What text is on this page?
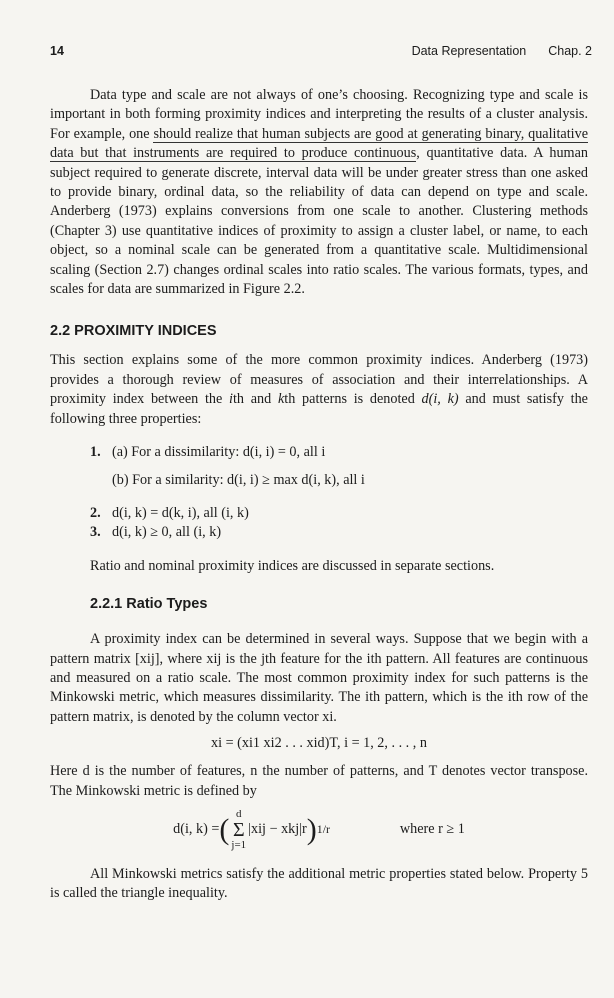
14	Data Representation Chap. 2

Data type and scale are not always of one’s choosing. Recognizing type and scale is important in both forming proximity indices and interpreting the results of a cluster analysis. For example, one should realize that human subjects are good at generating binary, qualitative data but that instruments are required to produce continuous, quantitative data. A human subject required to generate discrete, interval data will be under greater stress than one asked to provide binary, ordinal data, so the reliability of data can depend on type and scale. Anderberg (1973) explains conversions from one scale to another. Clustering methods (Chapter 3) use quantitative indices of proximity to assign a cluster label, or name, to each object, so a nominal scale can be generated from a quantitative scale. Multidimensional scaling (Section 2.7) changes ordinal scales into ratio scales. The various formats, types, and scales for data are summarized in Figure 2.2.

2.2 PROXIMITY INDICES

This section explains some of the more common proximity indices. Anderberg (1973) provides a thorough review of measures of association and their interrelationships. A proximity index between the ith and kth patterns is denoted d(i, k) and must satisfy the following three properties:

1. (a) For a dissimilarity: d(i, i) = 0, all i
(b) For a similarity: d(i, i) ≥ max d(i, k), all i
2. d(i, k) = d(k, i), all (i, k)
3. d(i, k) ≥ 0, all (i, k)
Ratio and nominal proximity indices are discussed in separate sections.
2.2.1 Ratio Types

A proximity index can be determined in several ways. Suppose that we begin with a pattern matrix [xij], where xij is the jth feature for the ith pattern. All features are continuous and measured on a ratio scale. The most common proximity index for such patterns is the Minkowski metric, which measures dissimilarity. The ith pattern, which is the ith row of the pattern matrix, is denoted by the column vector xi.

xi = (xi1 xi2 . . . xid)T, i = 1, 2, . . . , n

Here d is the number of features, n the number of patterns, and T denotes vector transpose. The Minkowski metric is defined by

d(i, k) = ( d
Σ
j=1
|xij − xkj|r ) 1/r	where r ≥ 1

All Minkowski metrics satisfy the additional metric properties stated below. Property 5 is called the triangle inequality.
